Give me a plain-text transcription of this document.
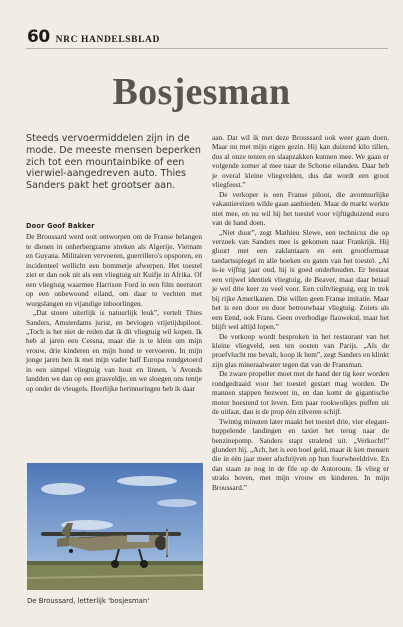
60 NRC HANDELSBLAD
Bosjesman
Steeds vervoermiddelen zijn in de mode. De meeste mensen beperken zich tot een mountainbike of een vierwiel-aangedreven auto. Thies Sanders pakt het grootser aan.
Door Goof Bakker

De Broussard werd ooit ontworpen om de Franse belangen te dienen in onherbergzame streken als Algerije, Vietnam en Guyana. Militairen vervoeren, guerrillero's opsporen, en incidenteel wellicht een bommetje afwerpen. Het toestel ziet er dan ook uit als een vliegtuig uit Kuifje in Afrika. Of een vliegtuig waarmee Harrison Ford in een film neerstort op een onbewoond eiland, om daar te vechten met wurgslangen en vijandige inboorlingen.

„Dat stoere uiterlijk is natuurlijk leuk”, vertelt Thies Sanders, Amsterdams jurist, en beviogen vrijetijdspiloot. „Toch is het niet de reden dat ik dit vliegtuig wil kopen. Ik heb al jaren een Cessna, maar die is te klein om mijn vrouw, drie kinderen en mijn hond te vervoeren. In mijn jonge jaren ben ik met mijn vader half Europa rondgetoerd in een simpel vliegtuig van hout en linnen. 's Avonds landden we dan op een grasveldje, en we sloegen ons tentje op onder de vleugels. Heerlijke herinneringen heb ik daar

aan. Dat wil ik met deze Broussard ook weer gaan doen. Maar nu met mijn eigen gezin. Hij kan duizend kilo tillen, dus al onze tenten en slaapzakken kunnen mee. We gaan er volgende zomer al mee naar de Schotse eilanden. Daar heb je overal kleine vliegvelden, dus dat wordt een groot vliegfeest.”

De verkoper is een Franse piloot, die avontuurlijke vakantiereizen wilde gaan aanbieden. Maar de markt werkte niet mee, en nu wil hij het toestel voor vijftigduizend euro van de hand doen.

„Niet duur”, zegt Mathieu Slewe, een technicus die op verzoek van Sanders mee is gekomen naar Frankrijk. Hij gluurt met een zaklantaarn en een grootformaat tandartsspiegel in alle hoeken en gaten van het toestel. „Al is-ie vijftig jaar oud, hij is goed onderhouden. Er bestaat een vrijwel identiek vliegtuig, de Beaver, maar daar betaal je wel drie keer zo veel voor. Een cultvliegtuig, erg in trek bij rijke Amerikanen. Die willen geen Franse imitatie. Maar het is een door en door betrouwbaar vliegtuig. Zoiets als een Eend, ook Frans. Geen overbodige flauwekul, maar het blijft wel altijd lopen.”

De verkoop wordt besproken in het restaurant van het kleine vliegveld, een ten oosten van Parijs. „Als de proefvlucht me bevalt, koop ik hem”, zegt Sanders en klinkt zijn glas mineraalwater tegen dat van de Fransman.

De zware propeller moet met de hand der tig keer worden rondgedraaid voor het toestel gestart mag worden. De mannen stappen bezweet in, en dan komt de gigantische motor hoestend tot leven. Een paar rookwolkjes puffen uit de uitlaat, dan is de prop één zilveren schijf.

Twintig minuten later maakt het toestel drie, vier elegant-huppelende landingen en taxiet het terug naar de benzinepomp. Sanders stapt stralend uit. „Verkocht!” glundert hij. „Ach, het is een boel geld, maar ik ken mensen die in één jaar meer afschrijven op hun fourwheeldrive. En dan staan ze nog in de file op de Autoroute. Ik vlieg er straks boven, met mijn vrouw en kinderen. In mijn Broussard.”

De Broussard, letterlijk 'bosjesman'
